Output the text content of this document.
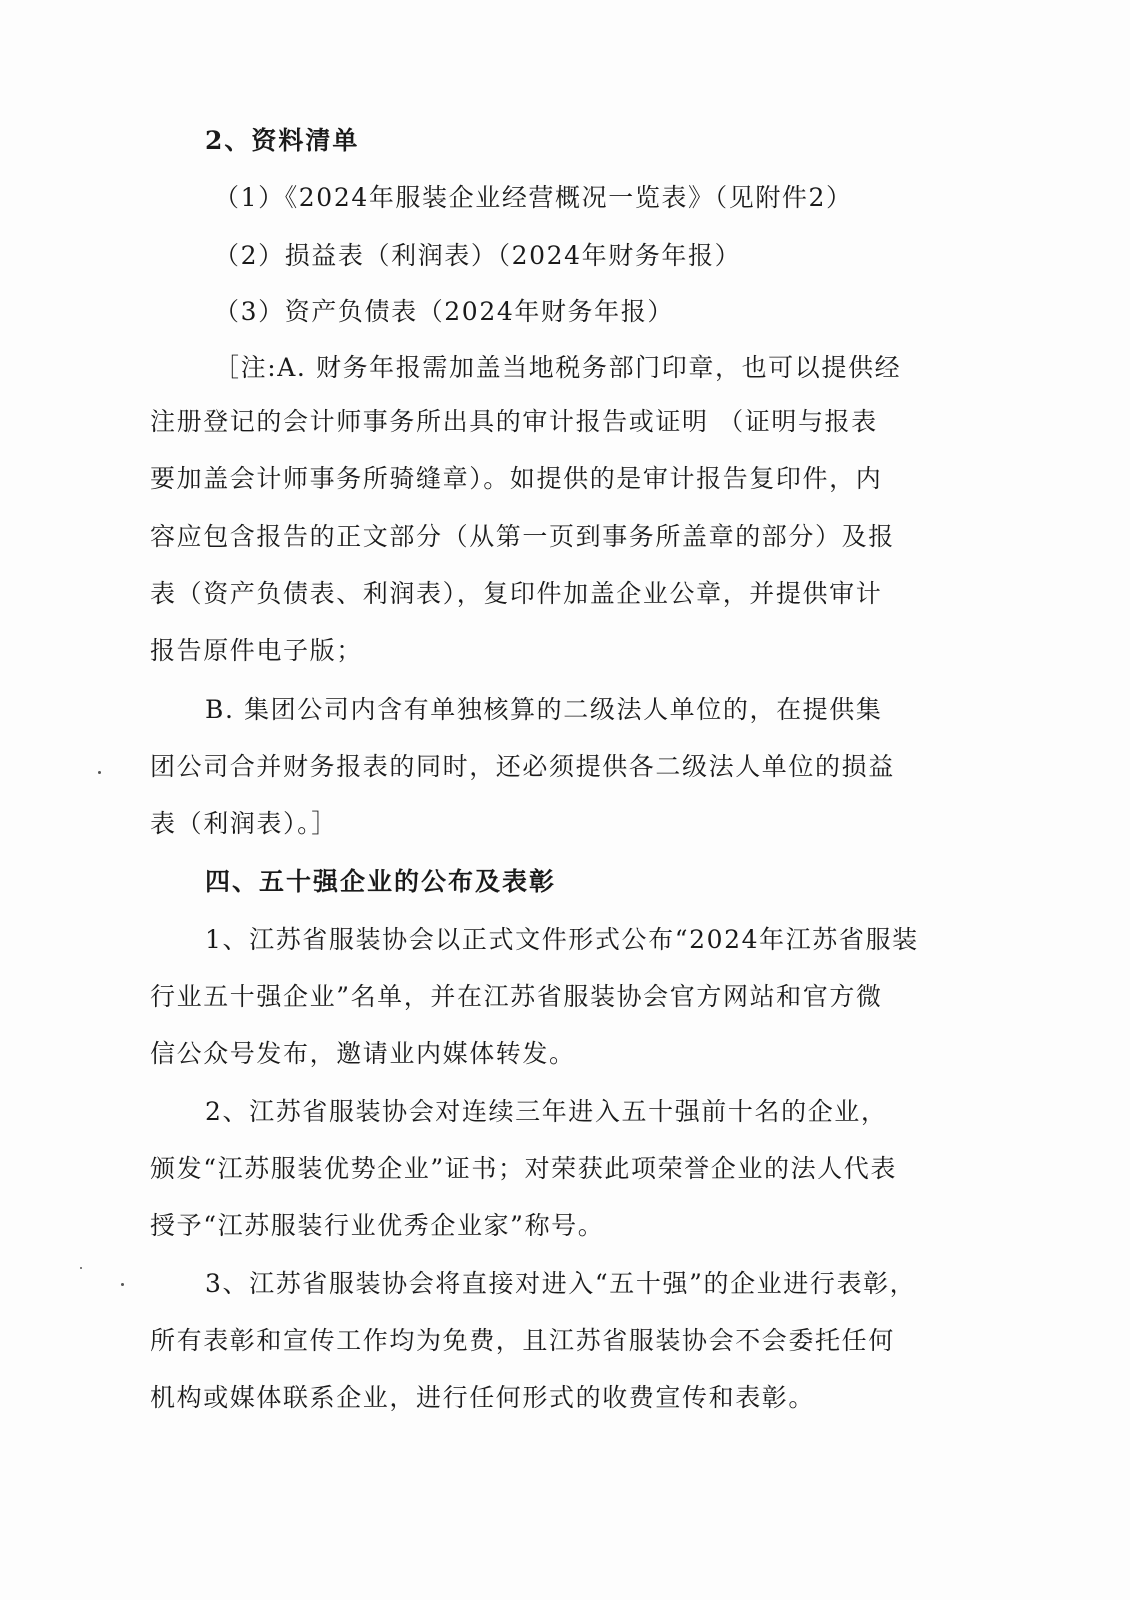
2、资料清单
（1）《2024年服装企业经营概况一览表》（见附件2）
（2）损益表（利润表）（2024年财务年报）
（3）资产负债表（2024年财务年报）
［注:A. 财务年报需加盖当地税务部门印章，也可以提供经
注册登记的会计师事务所出具的审计报告或证明 （证明与报表
要加盖会计师事务所骑缝章）。如提供的是审计报告复印件，内
容应包含报告的正文部分（从第一页到事务所盖章的部分）及报
表（资产负债表、利润表），复印件加盖企业公章，并提供审计
报告原件电子版；
B. 集团公司内含有单独核算的二级法人单位的，在提供集
团公司合并财务报表的同时，还必须提供各二级法人单位的损益
表（利润表）。］
四、五十强企业的公布及表彰
1、江苏省服装协会以正式文件形式公布“2024年江苏省服装
行业五十强企业”名单，并在江苏省服装协会官方网站和官方微
信公众号发布，邀请业内媒体转发。
2、江苏省服装协会对连续三年进入五十强前十名的企业，
颁发“江苏服装优势企业”证书；对荣获此项荣誉企业的法人代表
授予“江苏服装行业优秀企业家”称号。
3、江苏省服装协会将直接对进入“五十强”的企业进行表彰，
所有表彰和宣传工作均为免费，且江苏省服装协会不会委托任何
机构或媒体联系企业，进行任何形式的收费宣传和表彰。
